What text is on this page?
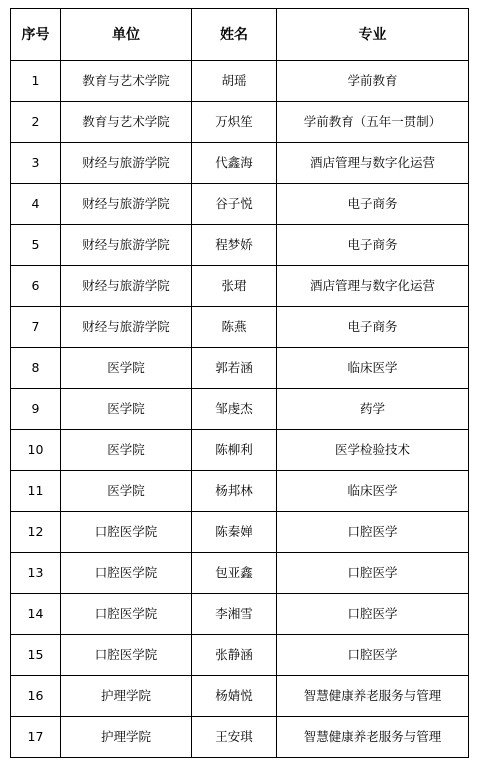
序号	单位	姓名	专业
1	教育与艺术学院	胡瑶	学前教育
2	教育与艺术学院	万炽笙	学前教育（五年一贯制）
3	财经与旅游学院	代鑫海	酒店管理与数字化运营
4	财经与旅游学院	谷子悦	电子商务
5	财经与旅游学院	程梦娇	电子商务
6	财经与旅游学院	张珺	酒店管理与数字化运营
7	财经与旅游学院	陈燕	电子商务
8	医学院	郭若涵	临床医学
9	医学院	邹虔杰	药学
10	医学院	陈柳利	医学检验技术
11	医学院	杨邦林	临床医学
12	口腔医学院	陈秦婵	口腔医学
13	口腔医学院	包亚鑫	口腔医学
14	口腔医学院	李湘雪	口腔医学
15	口腔医学院	张静涵	口腔医学
16	护理学院	杨婧悦	智慧健康养老服务与管理
17	护理学院	王安琪	智慧健康养老服务与管理
